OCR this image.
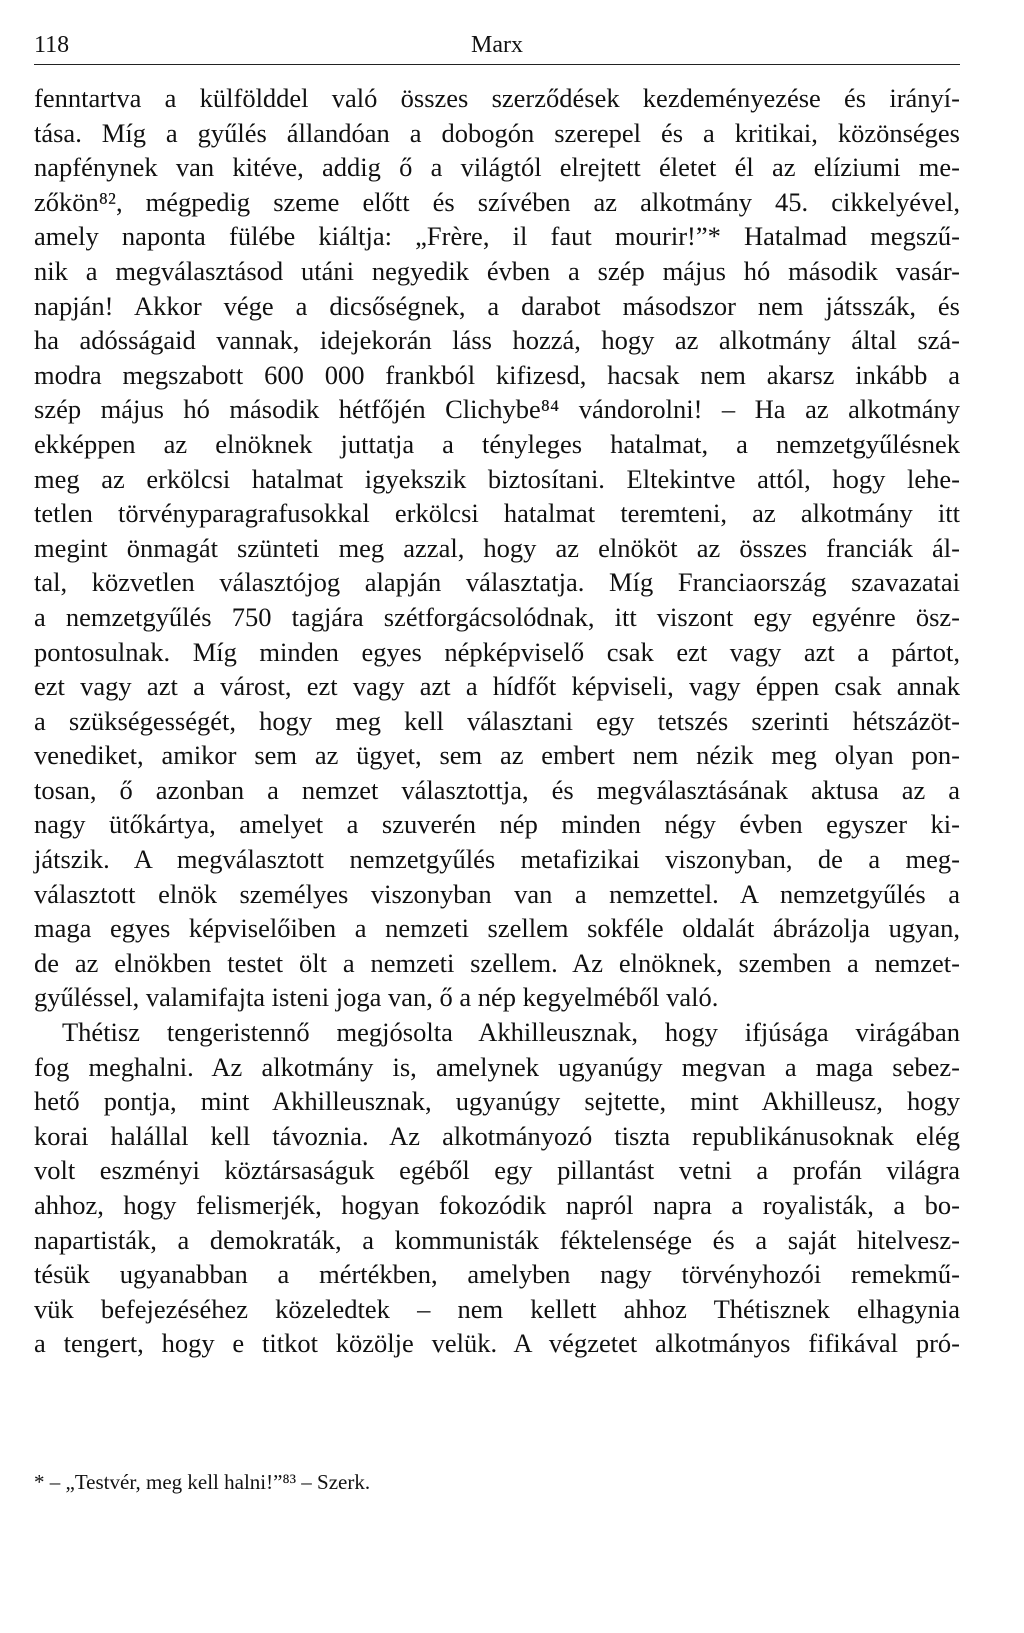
118	Marx

fenntartva a külfölddel való összes szerződések kezdeményezése és irányí-
tása. Míg a gyűlés állandóan a dobogón szerepel és a kritikai, közönséges
napfénynek van kitéve, addig ő a világtól elrejtett életet él az elíziumi me-
zőkön⁸², mégpedig szeme előtt és szívében az alkotmány 45. cikkelyével,
amely naponta fülébe kiáltja: „Frère, il faut mourir!”* Hatalmad megszű-
nik a megválasztásod utáni negyedik évben a szép május hó második vasár-
napján! Akkor vége a dicsőségnek, a darabot másodszor nem játsszák, és
ha adósságaid vannak, idejekorán láss hozzá, hogy az alkotmány által szá-
modra megszabott 600 000 frankból kifizesd, hacsak nem akarsz inkább a
szép május hó második hétfőjén Clichybe⁸⁴ vándorolni! – Ha az alkotmány
ekképpen az elnöknek juttatja a tényleges hatalmat, a nemzetgyűlésnek
meg az erkölcsi hatalmat igyekszik biztosítani. Eltekintve attól, hogy lehe-
tetlen törvényparagrafusokkal erkölcsi hatalmat teremteni, az alkotmány itt
megint önmagát szünteti meg azzal, hogy az elnököt az összes franciák ál-
tal, közvetlen választójog alapján választatja. Míg Franciaország szavazatai
a nemzetgyűlés 750 tagjára szétforgácsolódnak, itt viszont egy egyénre ösz-
pontosulnak. Míg minden egyes népképviselő csak ezt vagy azt a pártot,
ezt vagy azt a várost, ezt vagy azt a hídfőt képviseli, vagy éppen csak annak
a szükségességét, hogy meg kell választani egy tetszés szerinti hétszázöt-
venediket, amikor sem az ügyet, sem az embert nem nézik meg olyan pon-
tosan, ő azonban a nemzet választottja, és megválasztásának aktusa az a
nagy ütőkártya, amelyet a szuverén nép minden négy évben egyszer ki-
játszik. A megválasztott nemzetgyűlés metafizikai viszonyban, de a meg-
választott elnök személyes viszonyban van a nemzettel. A nemzetgyűlés a
maga egyes képviselőiben a nemzeti szellem sokféle oldalát ábrázolja ugyan,
de az elnökben testet ölt a nemzeti szellem. Az elnöknek, szemben a nemzet-
gyűléssel, valamifajta isteni joga van, ő a nép kegyelméből való.

Thétisz tengeristennő megjósolta Akhilleusznak, hogy ifjúsága virágában
fog meghalni. Az alkotmány is, amelynek ugyanúgy megvan a maga sebez-
hető pontja, mint Akhilleusznak, ugyanúgy sejtette, mint Akhilleusz, hogy
korai halállal kell távoznia. Az alkotmányozó tiszta republikánusoknak elég
volt eszményi köztársaságuk egéből egy pillantást vetni a profán világra
ahhoz, hogy felismerjék, hogyan fokozódik napról napra a royalisták, a bo-
napartisták, a demokraták, a kommunisták féktelensége és a saját hitelvesz-
tésük ugyanabban a mértékben, amelyben nagy törvényhozói remekmű-
vük befejezéséhez közeledtek – nem kellett ahhoz Thétisznek elhagynia
a tengert, hogy e titkot közölje velük. A végzetet alkotmányos fifikával pró-

* – „Testvér, meg kell halni!”⁸³ – Szerk.
